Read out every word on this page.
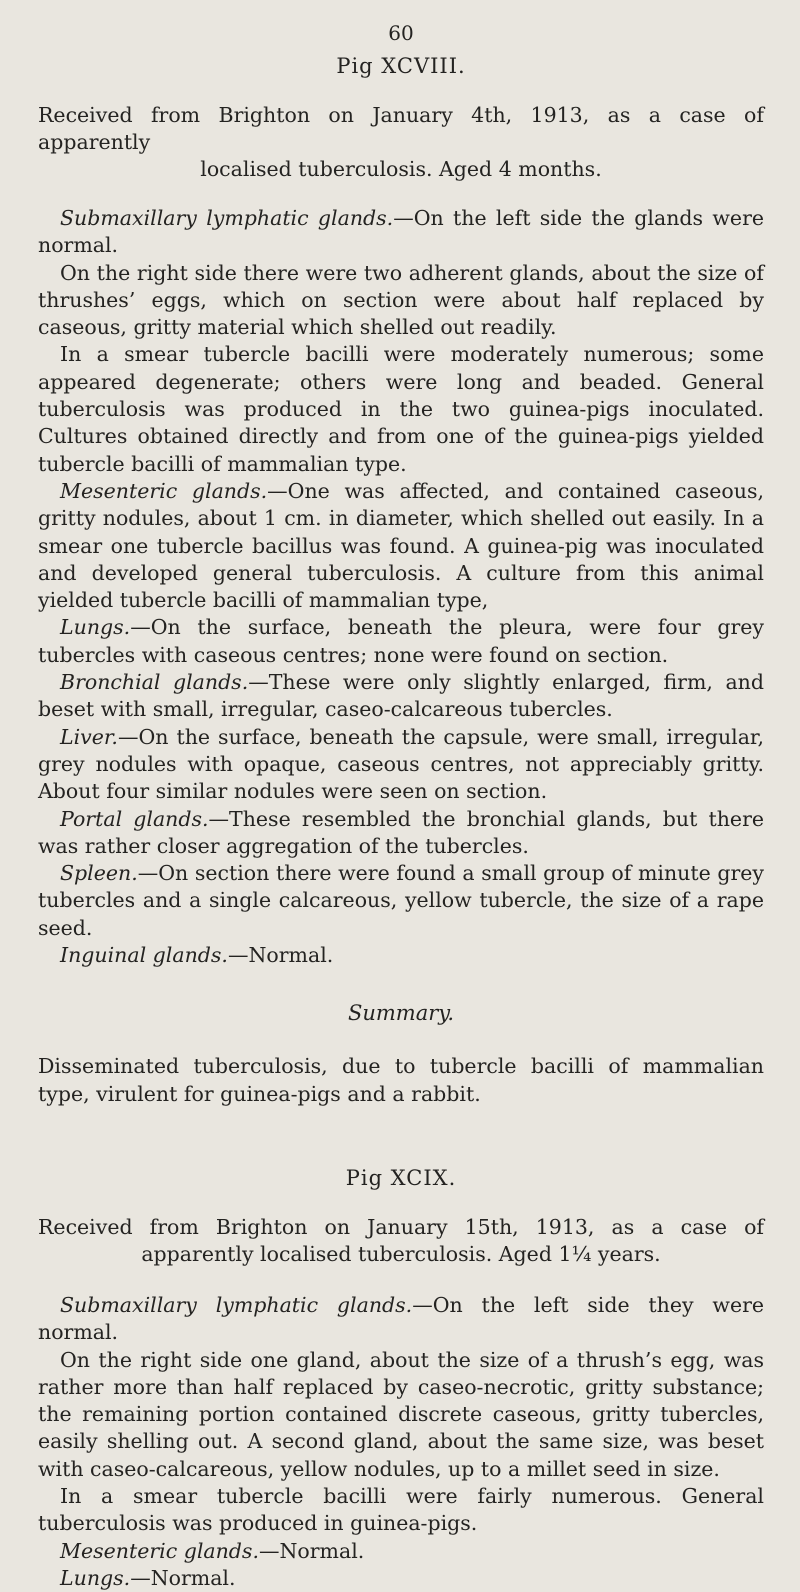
60
Pig XCVIII.
Received from Brighton on January 4th, 1913, as a case of apparently
localised tuberculosis. Aged 4 months.

Submaxillary lymphatic glands.—On the left side the glands were normal.

On the right side there were two adherent glands, about the size of thrushes’ eggs, which on section were about half replaced by caseous, gritty material which shelled out readily.

In a smear tubercle bacilli were moderately numerous; some appeared degenerate; others were long and beaded. General tuberculosis was produced in the two guinea-pigs inoculated. Cultures obtained directly and from one of the guinea-pigs yielded tubercle bacilli of mammalian type.

Mesenteric glands.—One was affected, and contained caseous, gritty nodules, about 1 cm. in diameter, which shelled out easily. In a smear one tubercle bacillus was found. A guinea-pig was inoculated and developed general tuberculosis. A culture from this animal yielded tubercle bacilli of mammalian type,

Lungs.—On the surface, beneath the pleura, were four grey tubercles with caseous centres; none were found on section.

Bronchial glands.—These were only slightly enlarged, firm, and beset with small, irregular, caseo-calcareous tubercles.

Liver.—On the surface, beneath the capsule, were small, irregular, grey nodules with opaque, caseous centres, not appreciably gritty. About four similar nodules were seen on section.

Portal glands.—These resembled the bronchial glands, but there was rather closer aggregation of the tubercles.

Spleen.—On section there were found a small group of minute grey tubercles and a single calcareous, yellow tubercle, the size of a rape seed.

Inguinal glands.—Normal.

Summary.

Disseminated tuberculosis, due to tubercle bacilli of mammalian type, virulent for guinea-pigs and a rabbit.

Pig XCIX.
Received from Brighton on January 15th, 1913, as a case of
apparently localised tuberculosis. Aged 1¼ years.

Submaxillary lymphatic glands.—On the left side they were normal.

On the right side one gland, about the size of a thrush’s egg, was rather more than half replaced by caseo-necrotic, gritty substance; the remaining portion contained discrete caseous, gritty tubercles, easily shelling out. A second gland, about the same size, was beset with caseo-calcareous, yellow nodules, up to a millet seed in size.

In a smear tubercle bacilli were fairly numerous. General tuberculosis was produced in guinea-pigs.

Mesenteric glands.—Normal.

Lungs.—Normal.
